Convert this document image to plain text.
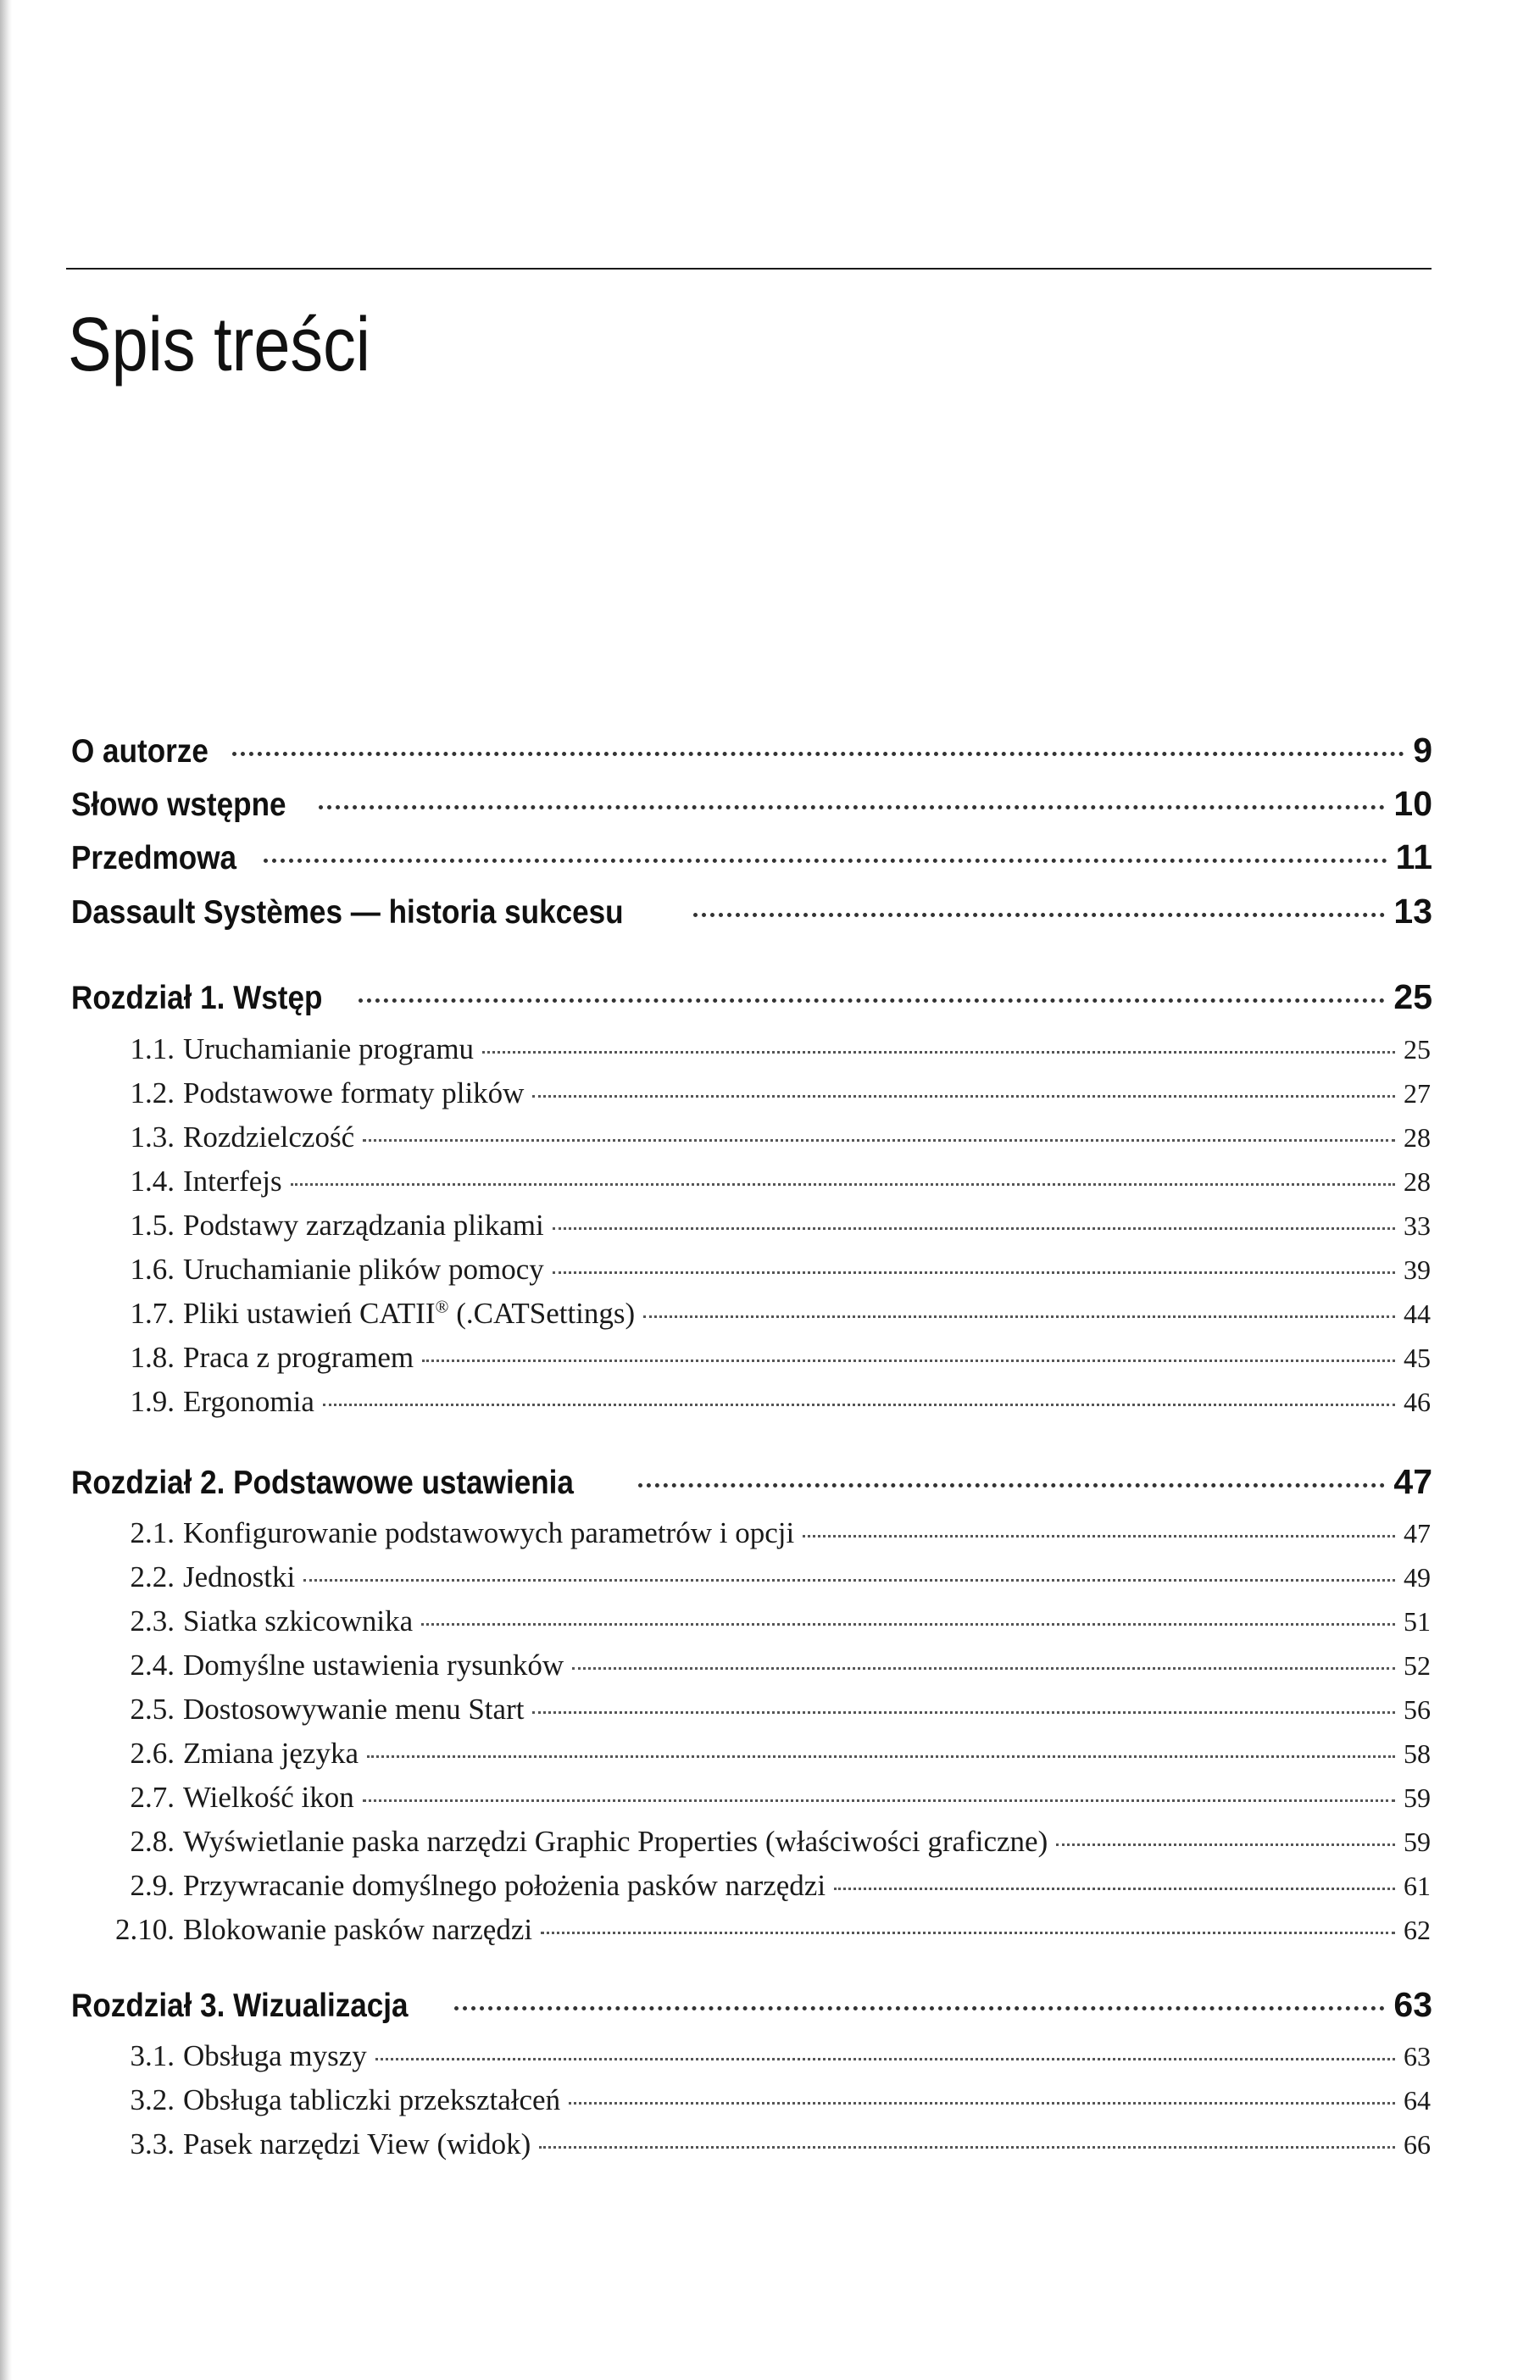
Spis treści
O autorze	9
Słowo wstępne	10
Przedmowa	11
Dassault Systèmes — historia sukcesu	13
Rozdział 1. Wstęp	25
1.1. Uruchamianie programu	25
1.2. Podstawowe formaty plików	27
1.3. Rozdzielczość	28
1.4. Interfejs	28
1.5. Podstawy zarządzania plikami	33
1.6. Uruchamianie plików pomocy	39
1.7. Pliki ustawień CATII® (.CATSettings)	44
1.8. Praca z programem	45
1.9. Ergonomia	46
Rozdział 2. Podstawowe ustawienia	47
2.1. Konfigurowanie podstawowych parametrów i opcji	47
2.2. Jednostki	49
2.3. Siatka szkicownika	51
2.4. Domyślne ustawienia rysunków	52
2.5. Dostosowywanie menu Start	56
2.6. Zmiana języka	58
2.7. Wielkość ikon	59
2.8. Wyświetlanie paska narzędzi Graphic Properties (właściwości graficzne)	59
2.9. Przywracanie domyślnego położenia pasków narzędzi	61
2.10. Blokowanie pasków narzędzi	62
Rozdział 3. Wizualizacja	63
3.1. Obsługa myszy	63
3.2. Obsługa tabliczki przekształceń	64
3.3. Pasek narzędzi View (widok)	66
